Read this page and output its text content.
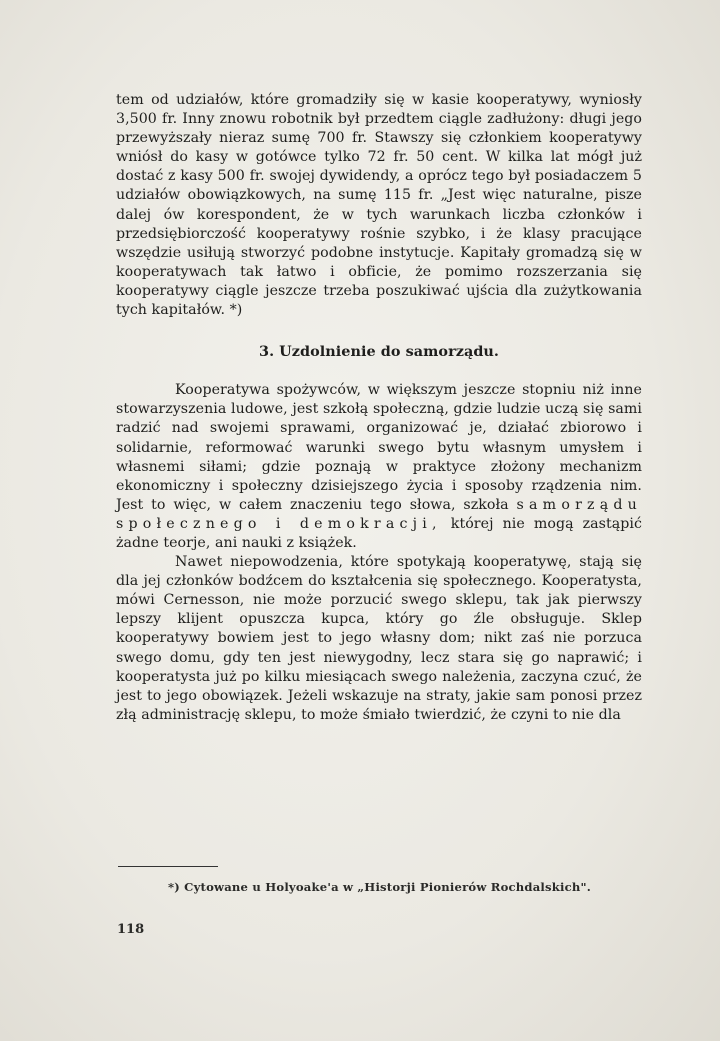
tem od udziałów, które gromadziły się w kasie kooperatywy, wyniosły 3,500 fr. Inny znowu robotnik był przedtem ciągle zadłużony: długi jego przewyższały nieraz sumę 700 fr. Stawszy się członkiem kooperatywy wniósł do kasy w gotówce tylko 72 fr. 50 cent. W kilka lat mógł już dostać z kasy 500 fr. swojej dywidendy, a oprócz tego był posiadaczem 5 udziałów obowiązkowych, na sumę 115 fr. „Jest więc naturalne, pisze dalej ów korespondent, że w tych warunkach liczba członków i przedsiębiorczość kooperatywy rośnie szybko, i że klasy pracujące wszędzie usiłują stworzyć podobne instytucje. Kapitały gromadzą się w kooperatywach tak łatwo i obficie, że pomimo rozszerzania się kooperatywy ciągle jeszcze trzeba poszukiwać ujścia dla zużytkowania tych kapitałów. *)

3. Uzdolnienie do samorządu.

Kooperatywa spożywców, w większym jeszcze stopniu niż inne stowarzyszenia ludowe, jest szkołą społeczną, gdzie ludzie uczą się sami radzić nad swojemi sprawami, organizować je, działać zbiorowo i solidarnie, reformować warunki swego bytu własnym umysłem i własnemi siłami; gdzie poznają w praktyce złożony mechanizm ekonomiczny i społeczny dzisiejszego życia i sposoby rządzenia nim. Jest to więc, w całem znaczeniu tego słowa, szkoła samorządu społecznego i demokracji, której nie mogą zastąpić żadne teorje, ani nauki z książek.

Nawet niepowodzenia, które spotykają kooperatywę, stają się dla jej członków bodźcem do kształcenia się społecznego. Kooperatysta, mówi Cernesson, nie może porzucić swego sklepu, tak jak pierwszy lepszy klijent opuszcza kupca, który go źle obsługuje. Sklep kooperatywy bowiem jest to jego własny dom; nikt zaś nie porzuca swego domu, gdy ten jest niewygodny, lecz stara się go naprawić; i kooperatysta już po kilku miesiącach swego należenia, zaczyna czuć, że jest to jego obowiązek. Jeżeli wskazuje na straty, jakie sam ponosi przez złą administrację sklepu, to może śmiało twierdzić, że czyni to nie dla

*) Cytowane u Holyoake'a w „Historji Pionierów Rochdalskich".
118
